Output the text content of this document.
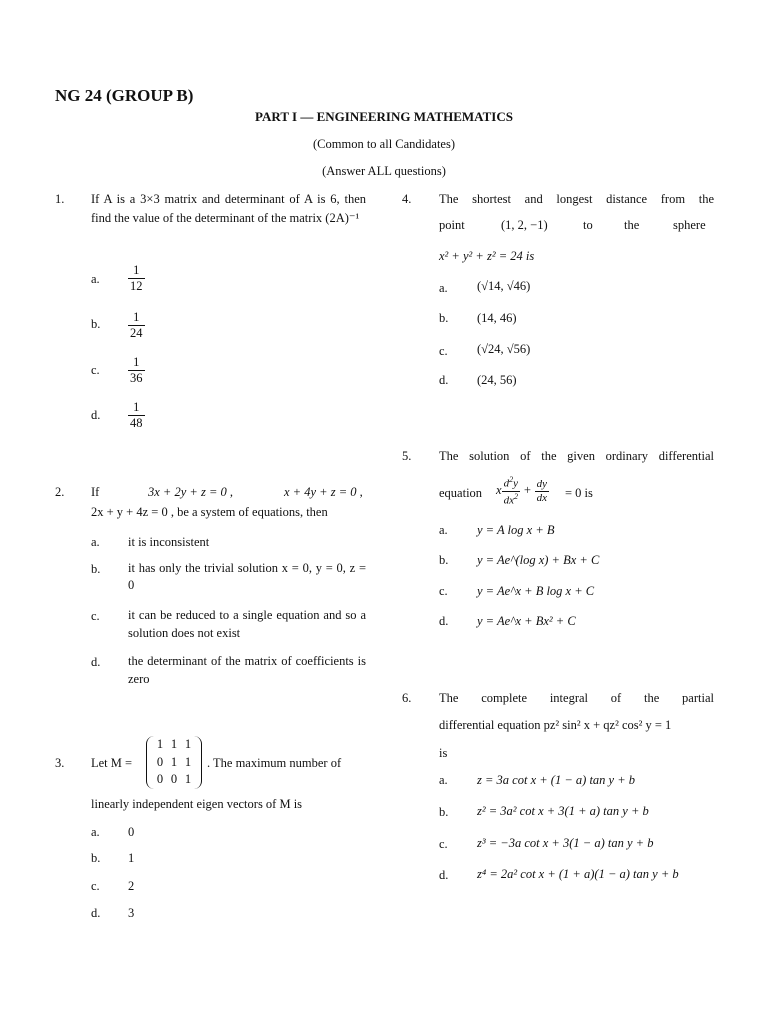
NG 24 (GROUP B)
PART I — ENGINEERING MATHEMATICS
(Common to all Candidates)
(Answer ALL questions)
1.	If A is a 3×3 matrix and determinant of A is 6, then find the value of the determinant of the matrix (2A)⁻¹
a.	$\frac{1}{12}$
b.	$\frac{1}{24}$
c.	$\frac{1}{36}$
d.	$\frac{1}{48}$
2.	If	3x + 2y + z = 0 ,	x + 4y + z = 0 ,
2x + y + 4z = 0 , be a system of equations, then
a.	it is inconsistent
b.	it has only the trivial solution x = 0, y = 0, z = 0
c.	it can be reduced to a single equation and so a solution does not exist
d.	the determinant of the matrix of coefficients is zero
3.	Let M =
1 1 1
0 1 1
0 0 1
. The maximum number of
linearly independent eigen vectors of M is
a.	0
b.	1
c.	2
d.	3
4.	The shortest and longest distance from the
point	(1, 2, −1)	to	the	sphere
x² + y² + z² = 24 is
a.	(√14, √46)
b.	(14, 46)
c.	(√24, √56)
d.	(24, 56)
5.	The solution of the given ordinary differential
equation x $\frac{d^2y}{dx^2} + \frac{dy}{dx} = 0$ is
a.	y = A log x + B
b.	y = Ae^(log x) + Bx + C
c.	y = Ae^x + B log x + C
d.	y = Ae^x + Bx² + C
6.	The complete integral of the partial
differential equation pz² sin² x + qz² cos² y = 1
is
a.	z = 3a cot x + (1 − a) tan y + b
b.	z² = 3a² cot x + 3(1 + a) tan y + b
c.	z³ = −3a cot x + 3(1 − a) tan y + b
d.	z⁴ = 2a² cot x + (1 + a)(1 − a) tan y + b
